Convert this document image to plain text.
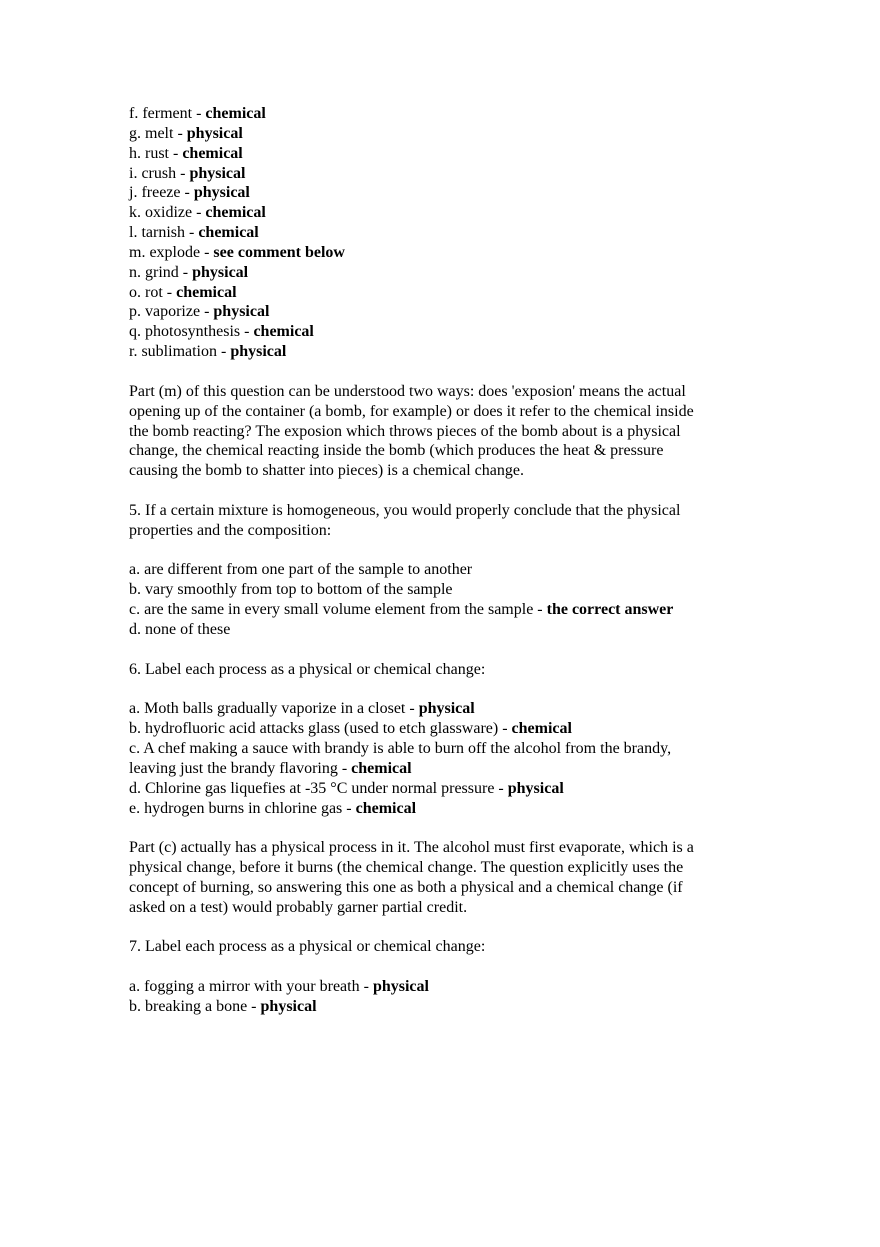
f. ferment - chemical

g. melt - physical

h. rust - chemical

i. crush - physical

j. freeze - physical

k. oxidize - chemical

l. tarnish - chemical

m. explode - see comment below

n. grind - physical

o. rot - chemical

p. vaporize - physical

q. photosynthesis - chemical

r. sublimation - physical

Part (m) of this question can be understood two ways: does 'exposion' means the actual

opening up of the container (a bomb, for example) or does it refer to the chemical inside

the bomb reacting? The exposion which throws pieces of the bomb about is a physical

change, the chemical reacting inside the bomb (which produces the heat & pressure

causing the bomb to shatter into pieces) is a chemical change.

5. If a certain mixture is homogeneous, you would properly conclude that the physical

properties and the composition:

a. are different from one part of the sample to another

b. vary smoothly from top to bottom of the sample

c. are the same in every small volume element from the sample - the correct answer

d. none of these

6. Label each process as a physical or chemical change:

a. Moth balls gradually vaporize in a closet - physical

b. hydrofluoric acid attacks glass (used to etch glassware) - chemical

c. A chef making a sauce with brandy is able to burn off the alcohol from the brandy,

leaving just the brandy flavoring - chemical

d. Chlorine gas liquefies at -35 °C under normal pressure - physical

e. hydrogen burns in chlorine gas - chemical

Part (c) actually has a physical process in it. The alcohol must first evaporate, which is a

physical change, before it burns (the chemical change. The question explicitly uses the

concept of burning, so answering this one as both a physical and a chemical change (if

asked on a test) would probably garner partial credit.

7. Label each process as a physical or chemical change:

a. fogging a mirror with your breath - physical

b. breaking a bone - physical
